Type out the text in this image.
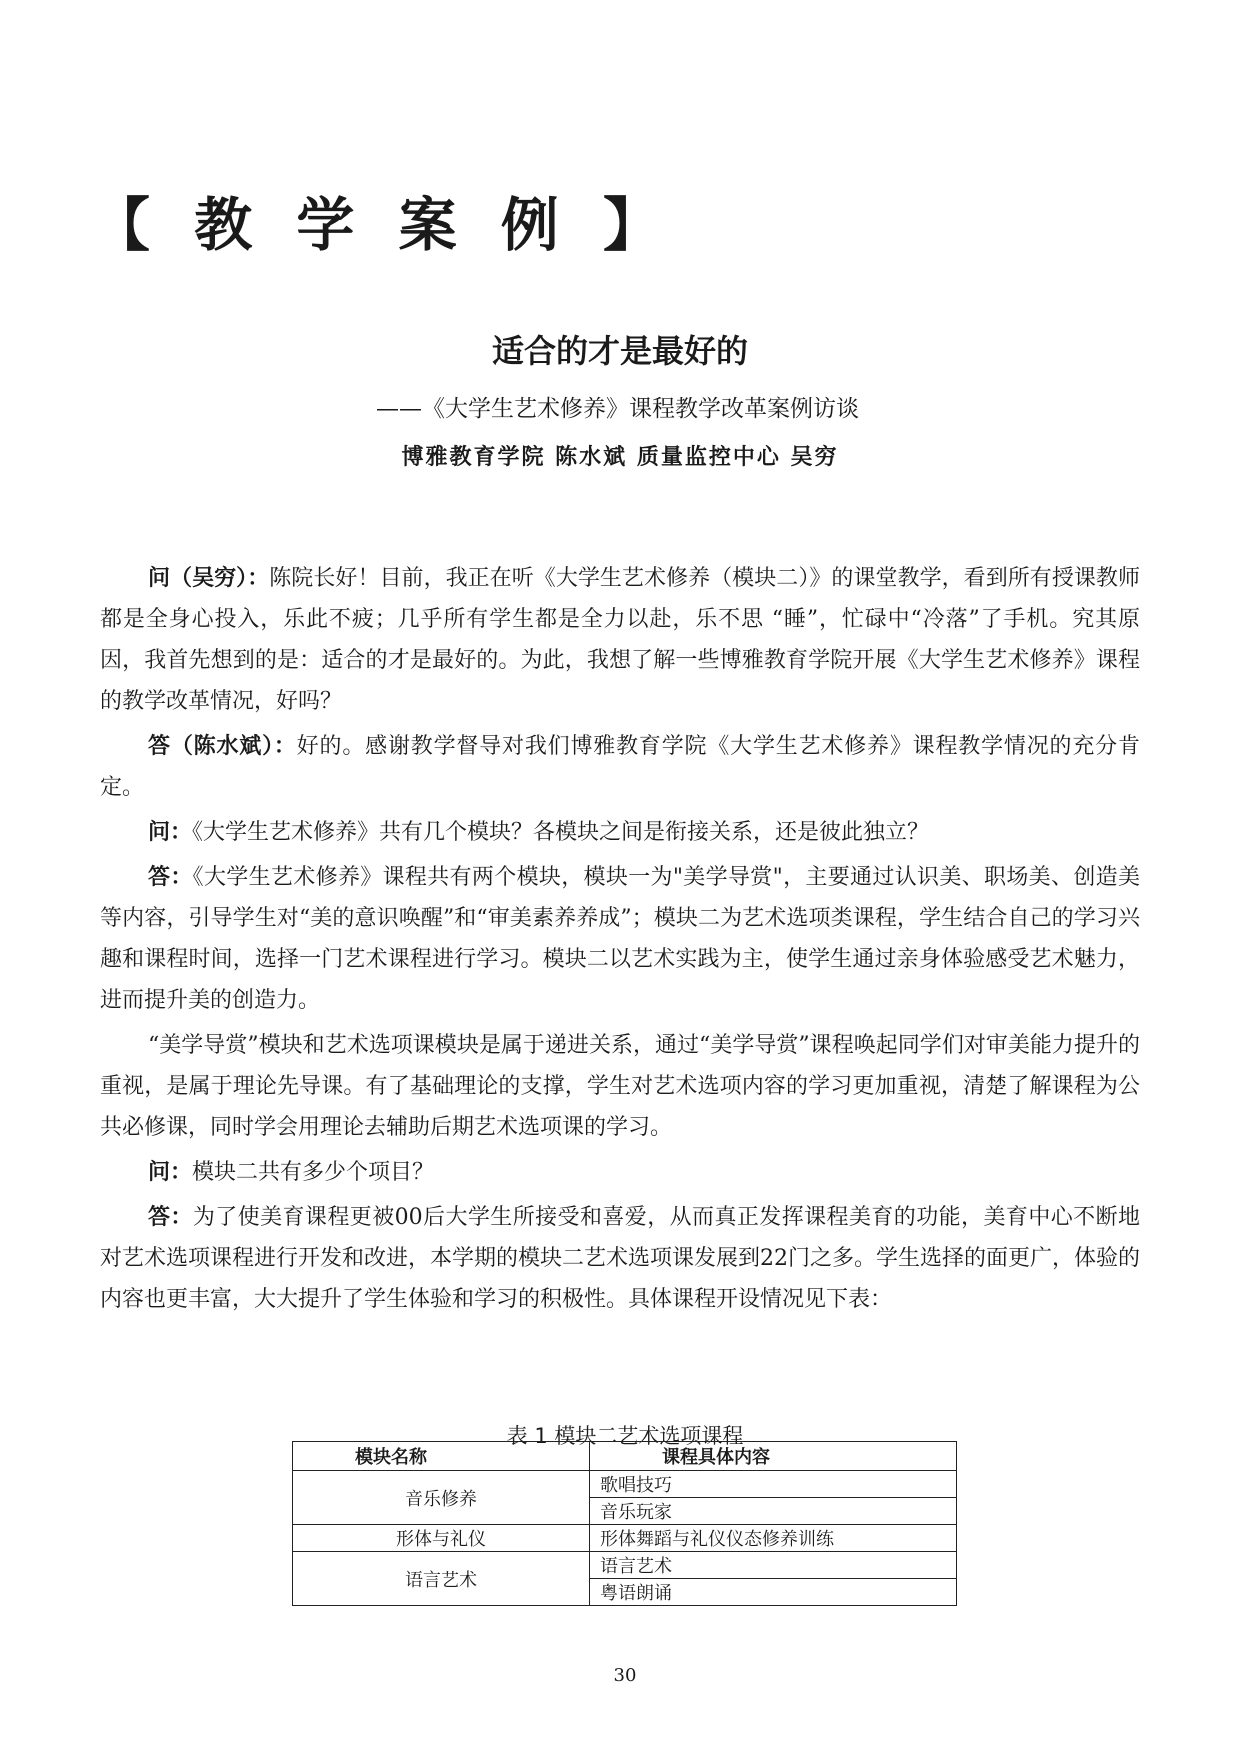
【 教 学 案 例 】
适合的才是最好的
——《大学生艺术修养》课程教学改革案例访谈
博雅教育学院 陈水斌 质量监控中心 吴穷

问（吴穷）：陈院长好！目前，我正在听《大学生艺术修养（模块二）》的课堂教学，看到所有授课教师都是全身心投入，乐此不疲；几乎所有学生都是全力以赴，乐不思 “睡”，忙碌中“冷落”了手机。究其原因，我首先想到的是：适合的才是最好的。为此，我想了解一些博雅教育学院开展《大学生艺术修养》课程的教学改革情况，好吗？

答（陈水斌）：好的。感谢教学督导对我们博雅教育学院《大学生艺术修养》课程教学情况的充分肯定。

问：《大学生艺术修养》共有几个模块？各模块之间是衔接关系，还是彼此独立？

答：《大学生艺术修养》课程共有两个模块，模块一为"美学导赏"，主要通过认识美、职场美、创造美等内容，引导学生对“美的意识唤醒”和“审美素养养成”；模块二为艺术选项类课程，学生结合自己的学习兴趣和课程时间，选择一门艺术课程进行学习。模块二以艺术实践为主，使学生通过亲身体验感受艺术魅力，进而提升美的创造力。

“美学导赏”模块和艺术选项课模块是属于递进关系，通过“美学导赏”课程唤起同学们对审美能力提升的重视，是属于理论先导课。有了基础理论的支撑，学生对艺术选项内容的学习更加重视，清楚了解课程为公共必修课，同时学会用理论去辅助后期艺术选项课的学习。

问：模块二共有多少个项目？

答：为了使美育课程更被00后大学生所接受和喜爱，从而真正发挥课程美育的功能，美育中心不断地对艺术选项课程进行开发和改进，本学期的模块二艺术选项课发展到22门之多。学生选择的面更广，体验的内容也更丰富，大大提升了学生体验和学习的积极性。具体课程开设情况见下表：

表 1 模块二艺术选项课程
模块名称	课程具体内容
音乐修养	歌唱技巧
	音乐玩家
形体与礼仪	形体舞蹈与礼仪仪态修养训练
语言艺术	语言艺术
	粤语朗诵
30
